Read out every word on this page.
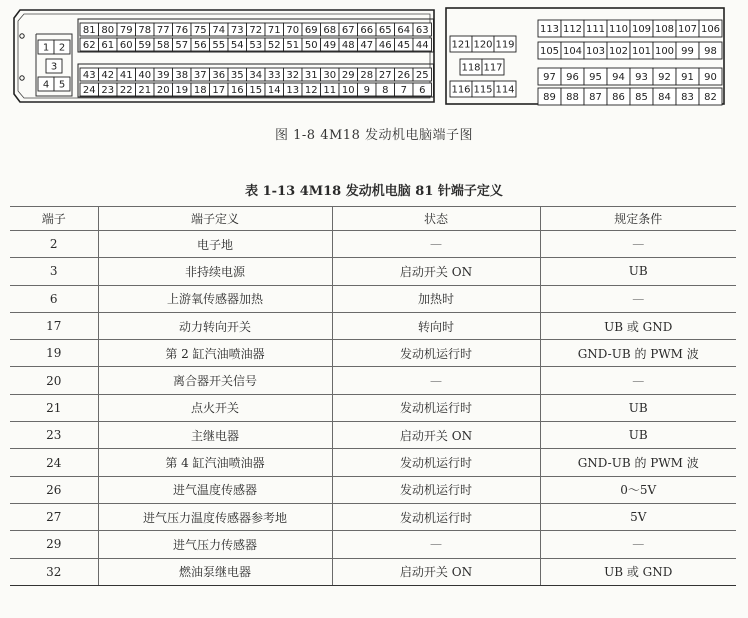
81 80 79 78 77 76 75 74 73 72 71 70 69 68 67 66 65 64 63
62 61 60 59 58 57 56 55 54 53 52 51 50 49 48 47 46 45 44
43 42 41 40 39 38 37 36 35 34 33 32 31 30 29 28 27 26 25
24 23 22 21 20 19 18 17 16 15 14 13 12 11 10 9 8 7 6
1 2
3
4 5
121 120 119
118 117
116 115 114
113 112 111 110 109 108 107 106
105 104 103 102 101 100 99 98
97 96 95 94 93 92 91 90
89 88 87 86 85 84 83 82
图 1-8 4M18 发动机电脑端子图
表 1-13 4M18 发动机电脑 81 针端子定义
端子	端子定义	状态	规定条件
2	电子地	—	—
3	非持续电源	启动开关 ON	UB
6	上游氧传感器加热	加热时	—
17	动力转向开关	转向时	UB 或 GND
19	第 2 缸汽油喷油器	发动机运行时	GND-UB 的 PWM 波
20	离合器开关信号	—	—
21	点火开关	发动机运行时	UB
23	主继电器	启动开关 ON	UB
24	第 4 缸汽油喷油器	发动机运行时	GND-UB 的 PWM 波
26	进气温度传感器	发动机运行时	0～5V
27	进气压力温度传感器参考地	发动机运行时	5V
29	进气压力传感器	—	—
32	燃油泵继电器	启动开关 ON	UB 或 GND
